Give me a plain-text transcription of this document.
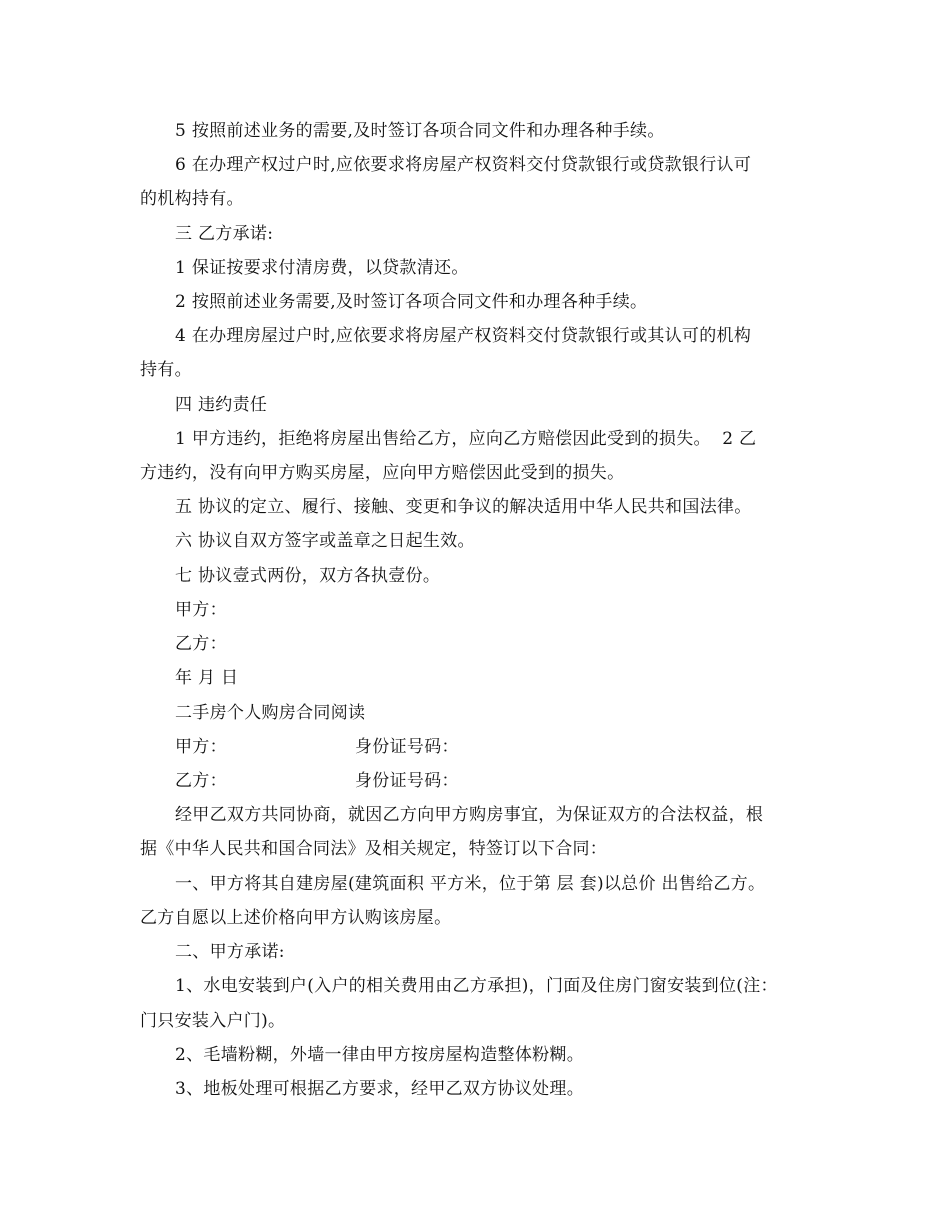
5 按照前述业务的需要,及时签订各项合同文件和办理各种手续。
6 在办理产权过户时,应依要求将房屋产权资料交付贷款银行或贷款银行认可
的机构持有。
三 乙方承诺:
1 保证按要求付清房费，以贷款清还。
2 按照前述业务需要,及时签订各项合同文件和办理各种手续。
4 在办理房屋过户时,应依要求将房屋产权资料交付贷款银行或其认可的机构
持有。
四 违约责任
1 甲方违约，拒绝将房屋出售给乙方，应向乙方赔偿因此受到的损失。  2 乙
方违约，没有向甲方购买房屋，应向甲方赔偿因此受到的损失。
五 协议的定立、履行、接触、变更和争议的解决适用中华人民共和国法律。
六 协议自双方签字或盖章之日起生效。
七 协议壹式两份，双方各执壹份。
甲方：
乙方：
年 月 日
二手房个人购房合同阅读
甲方：	身份证号码：
乙方：	身份证号码：
经甲乙双方共同协商，就因乙方向甲方购房事宜，为保证双方的合法权益，根
据《中华人民共和国合同法》及相关规定，特签订以下合同：
一、甲方将其自建房屋(建筑面积 平方米，位于第 层 套)以总价 出售给乙方。
乙方自愿以上述价格向甲方认购该房屋。
二、甲方承诺:
1、水电安装到户(入户的相关费用由乙方承担)，门面及住房门窗安装到位(注：
门只安装入户门)。
2、毛墙粉糊，外墙一律由甲方按房屋构造整体粉糊。
3、地板处理可根据乙方要求，经甲乙双方协议处理。
